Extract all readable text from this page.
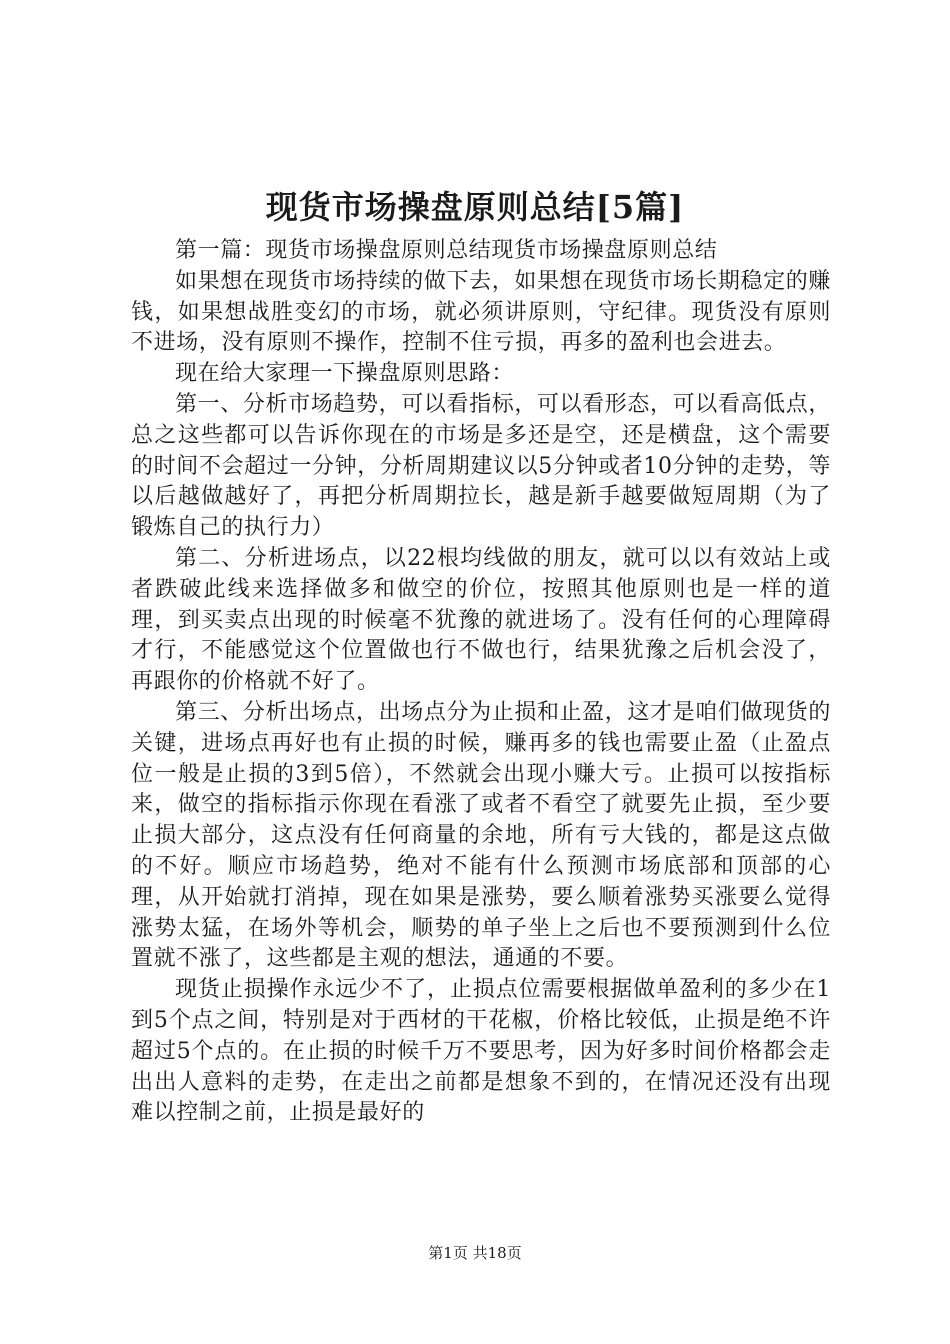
现货市场操盘原则总结[5篇]

第一篇：现货市场操盘原则总结现货市场操盘原则总结

如果想在现货市场持续的做下去，如果想在现货市场长期稳定的赚钱，如果想战胜变幻的市场，就必须讲原则，守纪律。现货没有原则不进场，没有原则不操作，控制不住亏损，再多的盈利也会进去。

现在给大家理一下操盘原则思路：

第一、分析市场趋势，可以看指标，可以看形态，可以看高低点，总之这些都可以告诉你现在的市场是多还是空，还是横盘，这个需要的时间不会超过一分钟，分析周期建议以5分钟或者10分钟的走势，等以后越做越好了，再把分析周期拉长，越是新手越要做短周期（为了锻炼自己的执行力）

第二、分析进场点，以22根均线做的朋友，就可以以有效站上或者跌破此线来选择做多和做空的价位，按照其他原则也是一样的道理，到买卖点出现的时候毫不犹豫的就进场了。没有任何的心理障碍才行，不能感觉这个位置做也行不做也行，结果犹豫之后机会没了，再跟你的价格就不好了。

第三、分析出场点，出场点分为止损和止盈，这才是咱们做现货的关键，进场点再好也有止损的时候，赚再多的钱也需要止盈（止盈点位一般是止损的3到5倍），不然就会出现小赚大亏。止损可以按指标来，做空的指标指示你现在看涨了或者不看空了就要先止损，至少要止损大部分，这点没有任何商量的余地，所有亏大钱的，都是这点做的不好。顺应市场趋势，绝对不能有什么预测市场底部和顶部的心理，从开始就打消掉，现在如果是涨势，要么顺着涨势买涨要么觉得涨势太猛，在场外等机会，顺势的单子坐上之后也不要预测到什么位置就不涨了，这些都是主观的想法，通通的不要。

现货止损操作永远少不了，止损点位需要根据做单盈利的多少在1到5个点之间，特别是对于西材的干花椒，价格比较低，止损是绝不许超过5个点的。在止损的时候千万不要思考，因为好多时间价格都会走出出人意料的走势，在走出之前都是想象不到的，在情况还没有出现难以控制之前，止损是最好的

第1页 共18页
